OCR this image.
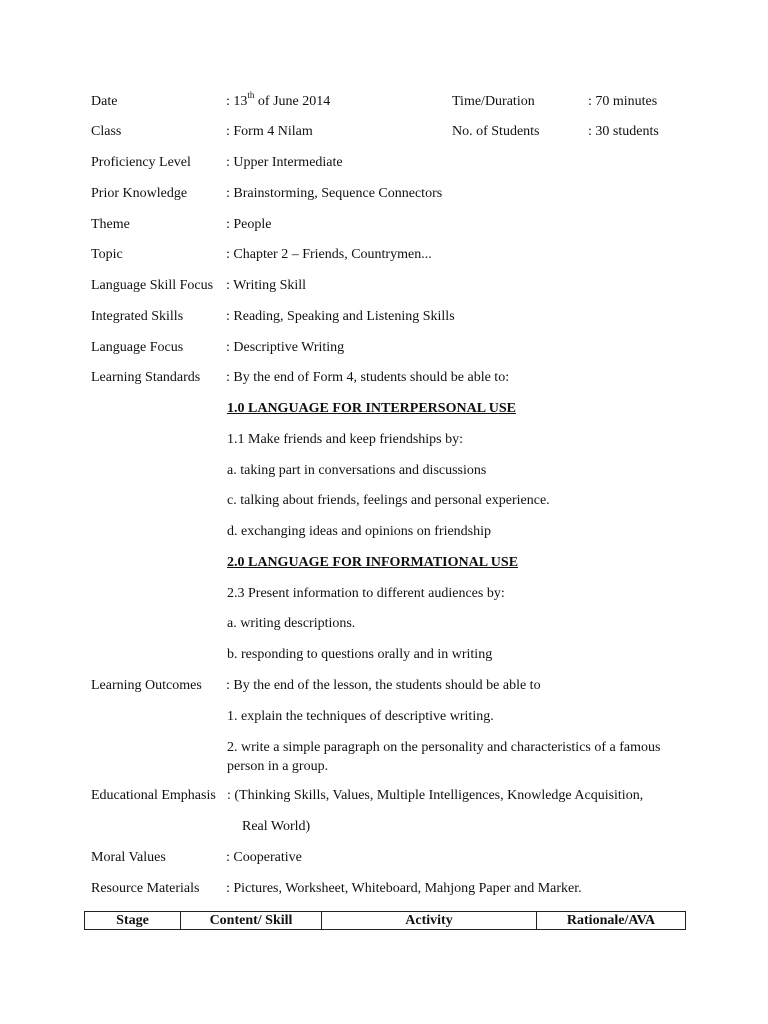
Date	: 13th of June 2014	Time/Duration	: 70 minutes
Class	: Form 4 Nilam	No. of Students	: 30 students
Proficiency Level	: Upper Intermediate
Prior Knowledge	: Brainstorming, Sequence Connectors
Theme	: People
Topic	: Chapter 2 – Friends, Countrymen...
Language Skill Focus : Writing Skill
Integrated Skills	: Reading, Speaking and Listening Skills
Language Focus	: Descriptive Writing
Learning Standards : By the end of Form 4, students should be able to:
1.0 LANGUAGE FOR INTERPERSONAL USE
1.1 Make friends and keep friendships by:
a. taking part in conversations and discussions
c. talking about friends, feelings and personal experience.
d. exchanging ideas and opinions on friendship
2.0 LANGUAGE FOR INFORMATIONAL USE
2.3 Present information to different audiences by:
a. writing descriptions.
b. responding to questions orally and in writing
Learning Outcomes : By the end of the lesson, the students should be able to
1. explain the techniques of descriptive writing.
2. write a simple paragraph on the personality and characteristics of a famous person in a group.
Educational Emphasis : (Thinking Skills, Values, Multiple Intelligences, Knowledge Acquisition,
Real World)
Moral Values	: Cooperative
Resource Materials : Pictures, Worksheet, Whiteboard, Mahjong Paper and Marker.
Stage	Content/ Skill	Activity	Rationale/AVA
